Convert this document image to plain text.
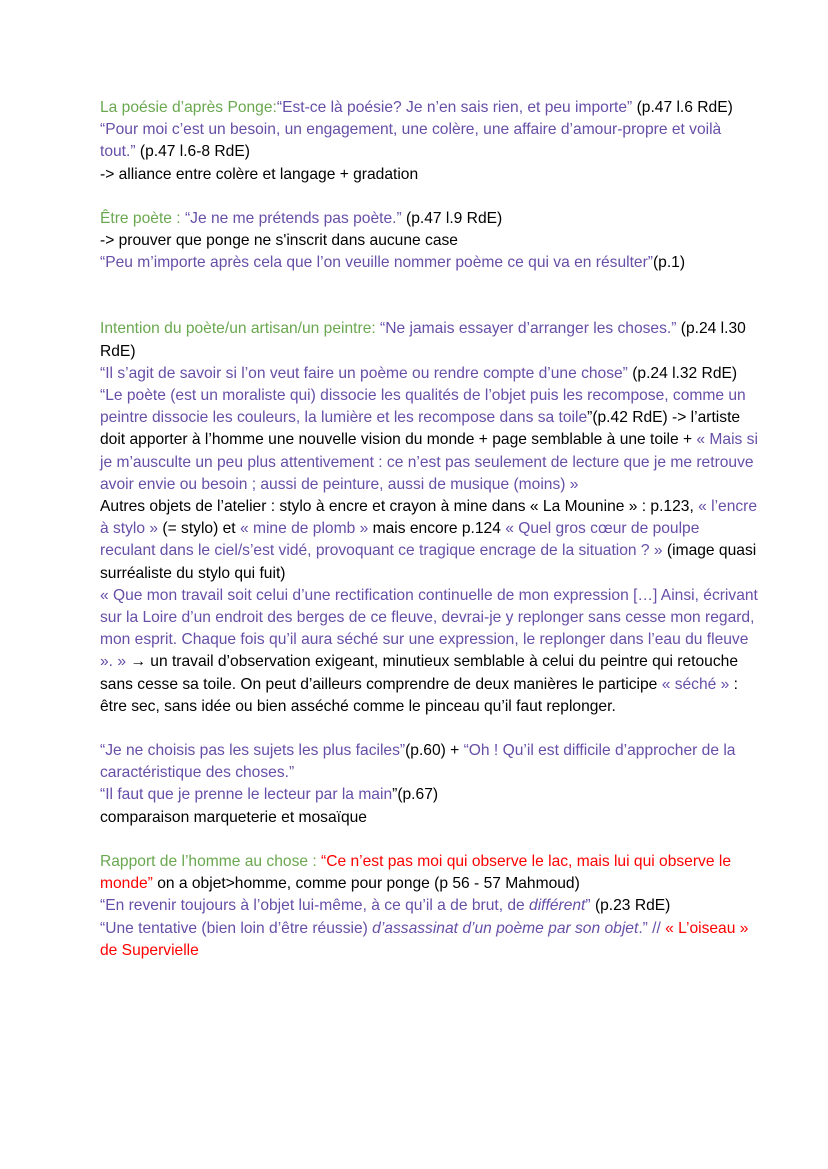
La poésie d’après Ponge:“Est-ce là poésie? Je n’en sais rien, et peu importe” (p.47 l.6 RdE)

“Pour moi c’est un besoin, un engagement, une colère, une affaire d’amour-propre et voilà tout.” (p.47 l.6-8 RdE)

-> alliance entre colère et langage + gradation

Être poète : “Je ne me prétends pas poète.” (p.47 l.9 RdE)

-> prouver que ponge ne s'inscrit dans aucune case

“Peu m’importe après cela que l’on veuille nommer poème ce qui va en résulter”(p.1)

Intention du poète/un artisan/un peintre: “Ne jamais essayer d’arranger les choses.” (p.24 l.30 RdE)

“Il s’agit de savoir si l’on veut faire un poème ou rendre compte d’une chose” (p.24 l.32 RdE)

“Le poète (est un moraliste qui) dissocie les qualités de l’objet puis les recompose, comme un peintre dissocie les couleurs, la lumière et les recompose dans sa toile”(p.42 RdE) -> l’artiste doit apporter à l’homme une nouvelle vision du monde + page semblable à une toile + « Mais si je m’ausculte un peu plus attentivement : ce n’est pas seulement de lecture que je me retrouve avoir envie ou besoin ; aussi de peinture, aussi de musique (moins) »

Autres objets de l’atelier : stylo à encre et crayon à mine dans « La Mounine » : p.123, « l’encre à stylo » (= stylo) et « mine de plomb » mais encore p.124 « Quel gros cœur de poulpe reculant dans le ciel/s’est vidé, provoquant ce tragique encrage de la situation ? » (image quasi surréaliste du stylo qui fuit)

« Que mon travail soit celui d’une rectification continuelle de mon expression […] Ainsi, écrivant sur la Loire d’un endroit des berges de ce fleuve, devrai-je y replonger sans cesse mon regard, mon esprit. Chaque fois qu’il aura séché sur une expression, le replonger dans l’eau du fleuve ». » → un travail d’observation exigeant, minutieux semblable à celui du peintre qui retouche sans cesse sa toile. On peut d’ailleurs comprendre de deux manières le participe « séché » : être sec, sans idée ou bien asséché comme le pinceau qu’il faut replonger.

“Je ne choisis pas les sujets les plus faciles”(p.60) + “Oh ! Qu’il est difficile d’approcher de la caractéristique des choses.”

“Il faut que je prenne le lecteur par la main”(p.67)

comparaison marqueterie et mosaïque

Rapport de l’homme au chose : “Ce n’est pas moi qui observe le lac, mais lui qui observe le monde” on a objet>homme, comme pour ponge (p 56 - 57 Mahmoud)

“En revenir toujours à l’objet lui-même, à ce qu’il a de brut, de différent” (p.23 RdE)

“Une tentative (bien loin d’être réussie) d’assassinat d’un poème par son objet.” // « L’oiseau » de Supervielle
